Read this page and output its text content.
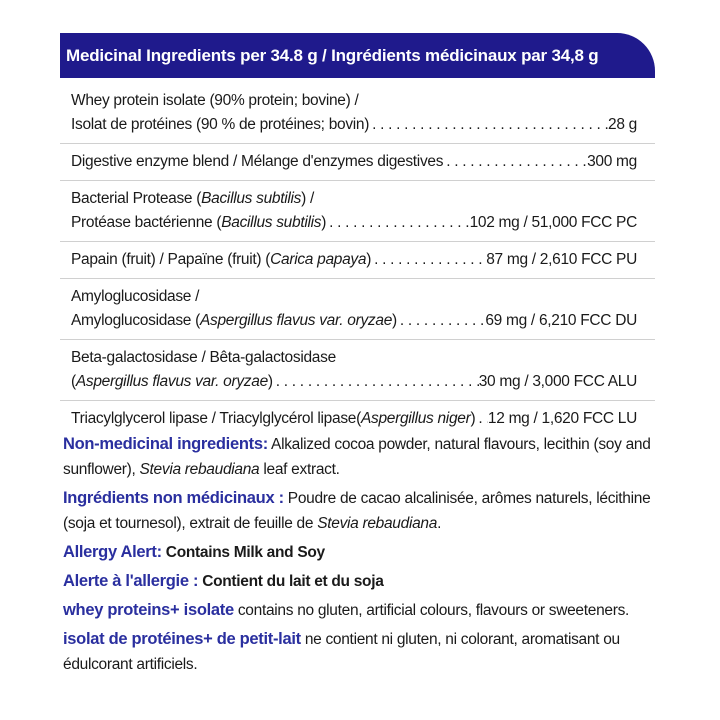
Medicinal Ingredients per 34.8 g / Ingrédients médicinaux par 34,8 g
Whey protein isolate (90% protein; bovine) /
Isolat de protéines (90 % de protéines; bovin) . . .	28 g
Digestive enzyme blend / Mélange d'enzymes digestives . . .	300 mg
Bacterial Protease (Bacillus subtilis) /
Protéase bactérienne (Bacillus subtilis) . . .	102 mg / 51,000 FCC PC
Papain (fruit) / Papaïne (fruit) (Carica papaya) . . .	87 mg / 2,610 FCC PU
Amyloglucosidase /
Amyloglucosidase (Aspergillus flavus var. oryzae) . . .	69 mg / 6,210 FCC DU
Beta-galactosidase / Bêta-galactosidase
(Aspergillus flavus var. oryzae) . . .	30 mg / 3,000 FCC ALU
Triacylglycerol lipase / Triacylglycérol lipase(Aspergillus niger) . . . 12 mg / 1,620 FCC LU
Non-medicinal ingredients: Alkalized cocoa powder, natural flavours, lecithin (soy and sunflower), Stevia rebaudiana leaf extract.
Ingrédients non médicinaux : Poudre de cacao alcalinisée, arômes naturels, lécithine (soja et tournesol), extrait de feuille de Stevia rebaudiana.
Allergy Alert: Contains Milk and Soy
Alerte à l'allergie : Contient du lait et du soja
whey proteins+ isolate contains no gluten, artificial colours, flavours or sweeteners.
isolat de protéines+ de petit-lait ne contient ni gluten, ni colorant, aromatisant ou édulcorant artificiels.
